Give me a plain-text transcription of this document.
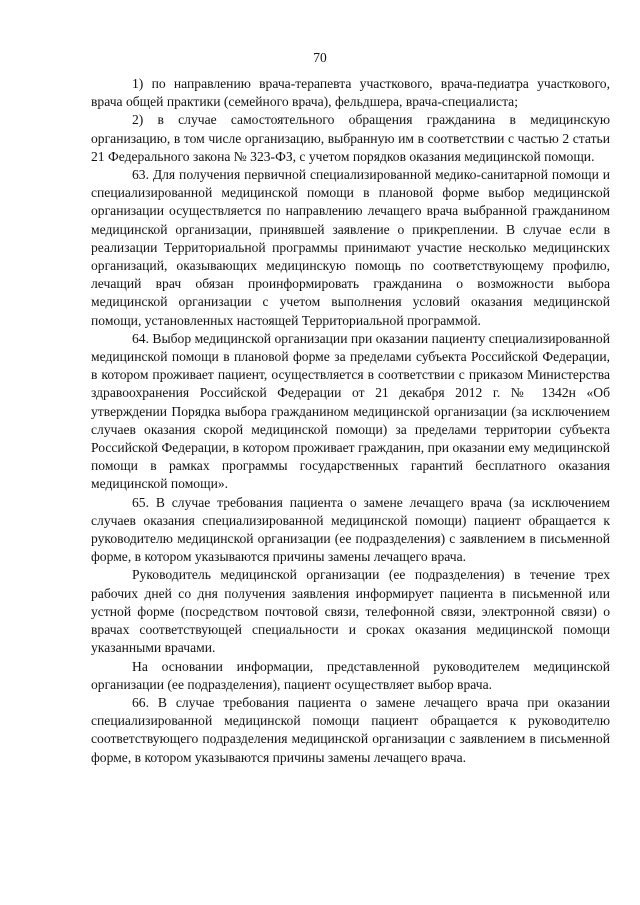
70

1) по направлению врача-терапевта участкового, врача-педиатра участкового, врача общей практики (семейного врача), фельдшера, врача-специалиста;

2) в случае самостоятельного обращения гражданина в медицинскую организацию, в том числе организацию, выбранную им в соответствии с частью 2 статьи 21 Федерального закона № 323-ФЗ, с учетом порядков оказания медицинской помощи.

63. Для получения первичной специализированной медико-санитарной помощи и специализированной медицинской помощи в плановой форме выбор медицинской организации осуществляется по направлению лечащего врача выбранной гражданином медицинской организации, принявшей заявление о прикреплении. В случае если в реализации Территориальной программы принимают участие несколько медицинских организаций, оказывающих медицинскую помощь по соответствующему профилю, лечащий врач обязан проинформировать гражданина о возможности выбора медицинской организации с учетом выполнения условий оказания медицинской помощи, установленных настоящей Территориальной программой.

64. Выбор медицинской организации при оказании пациенту специализированной медицинской помощи в плановой форме за пределами субъекта Российской Федерации, в котором проживает пациент, осуществляется в соответствии с приказом Министерства здравоохранения Российской Федерации от 21 декабря 2012 г. № 1342н «Об утверждении Порядка выбора гражданином медицинской организации (за исключением случаев оказания скорой медицинской помощи) за пределами территории субъекта Российской Федерации, в котором проживает гражданин, при оказании ему медицинской помощи в рамках программы государственных гарантий бесплатного оказания медицинской помощи».

65. В случае требования пациента о замене лечащего врача (за исключением случаев оказания специализированной медицинской помощи) пациент обращается к руководителю медицинской организации (ее подразделения) с заявлением в письменной форме, в котором указываются причины замены лечащего врача.

Руководитель медицинской организации (ее подразделения) в течение трех рабочих дней со дня получения заявления информирует пациента в письменной или устной форме (посредством почтовой связи, телефонной связи, электронной связи) о врачах соответствующей специальности и сроках оказания медицинской помощи указанными врачами.

На основании информации, представленной руководителем медицинской организации (ее подразделения), пациент осуществляет выбор врача.

66. В случае требования пациента о замене лечащего врача при оказании специализированной медицинской помощи пациент обращается к руководителю соответствующего подразделения медицинской организации с заявлением в письменной форме, в котором указываются причины замены лечащего врача.
